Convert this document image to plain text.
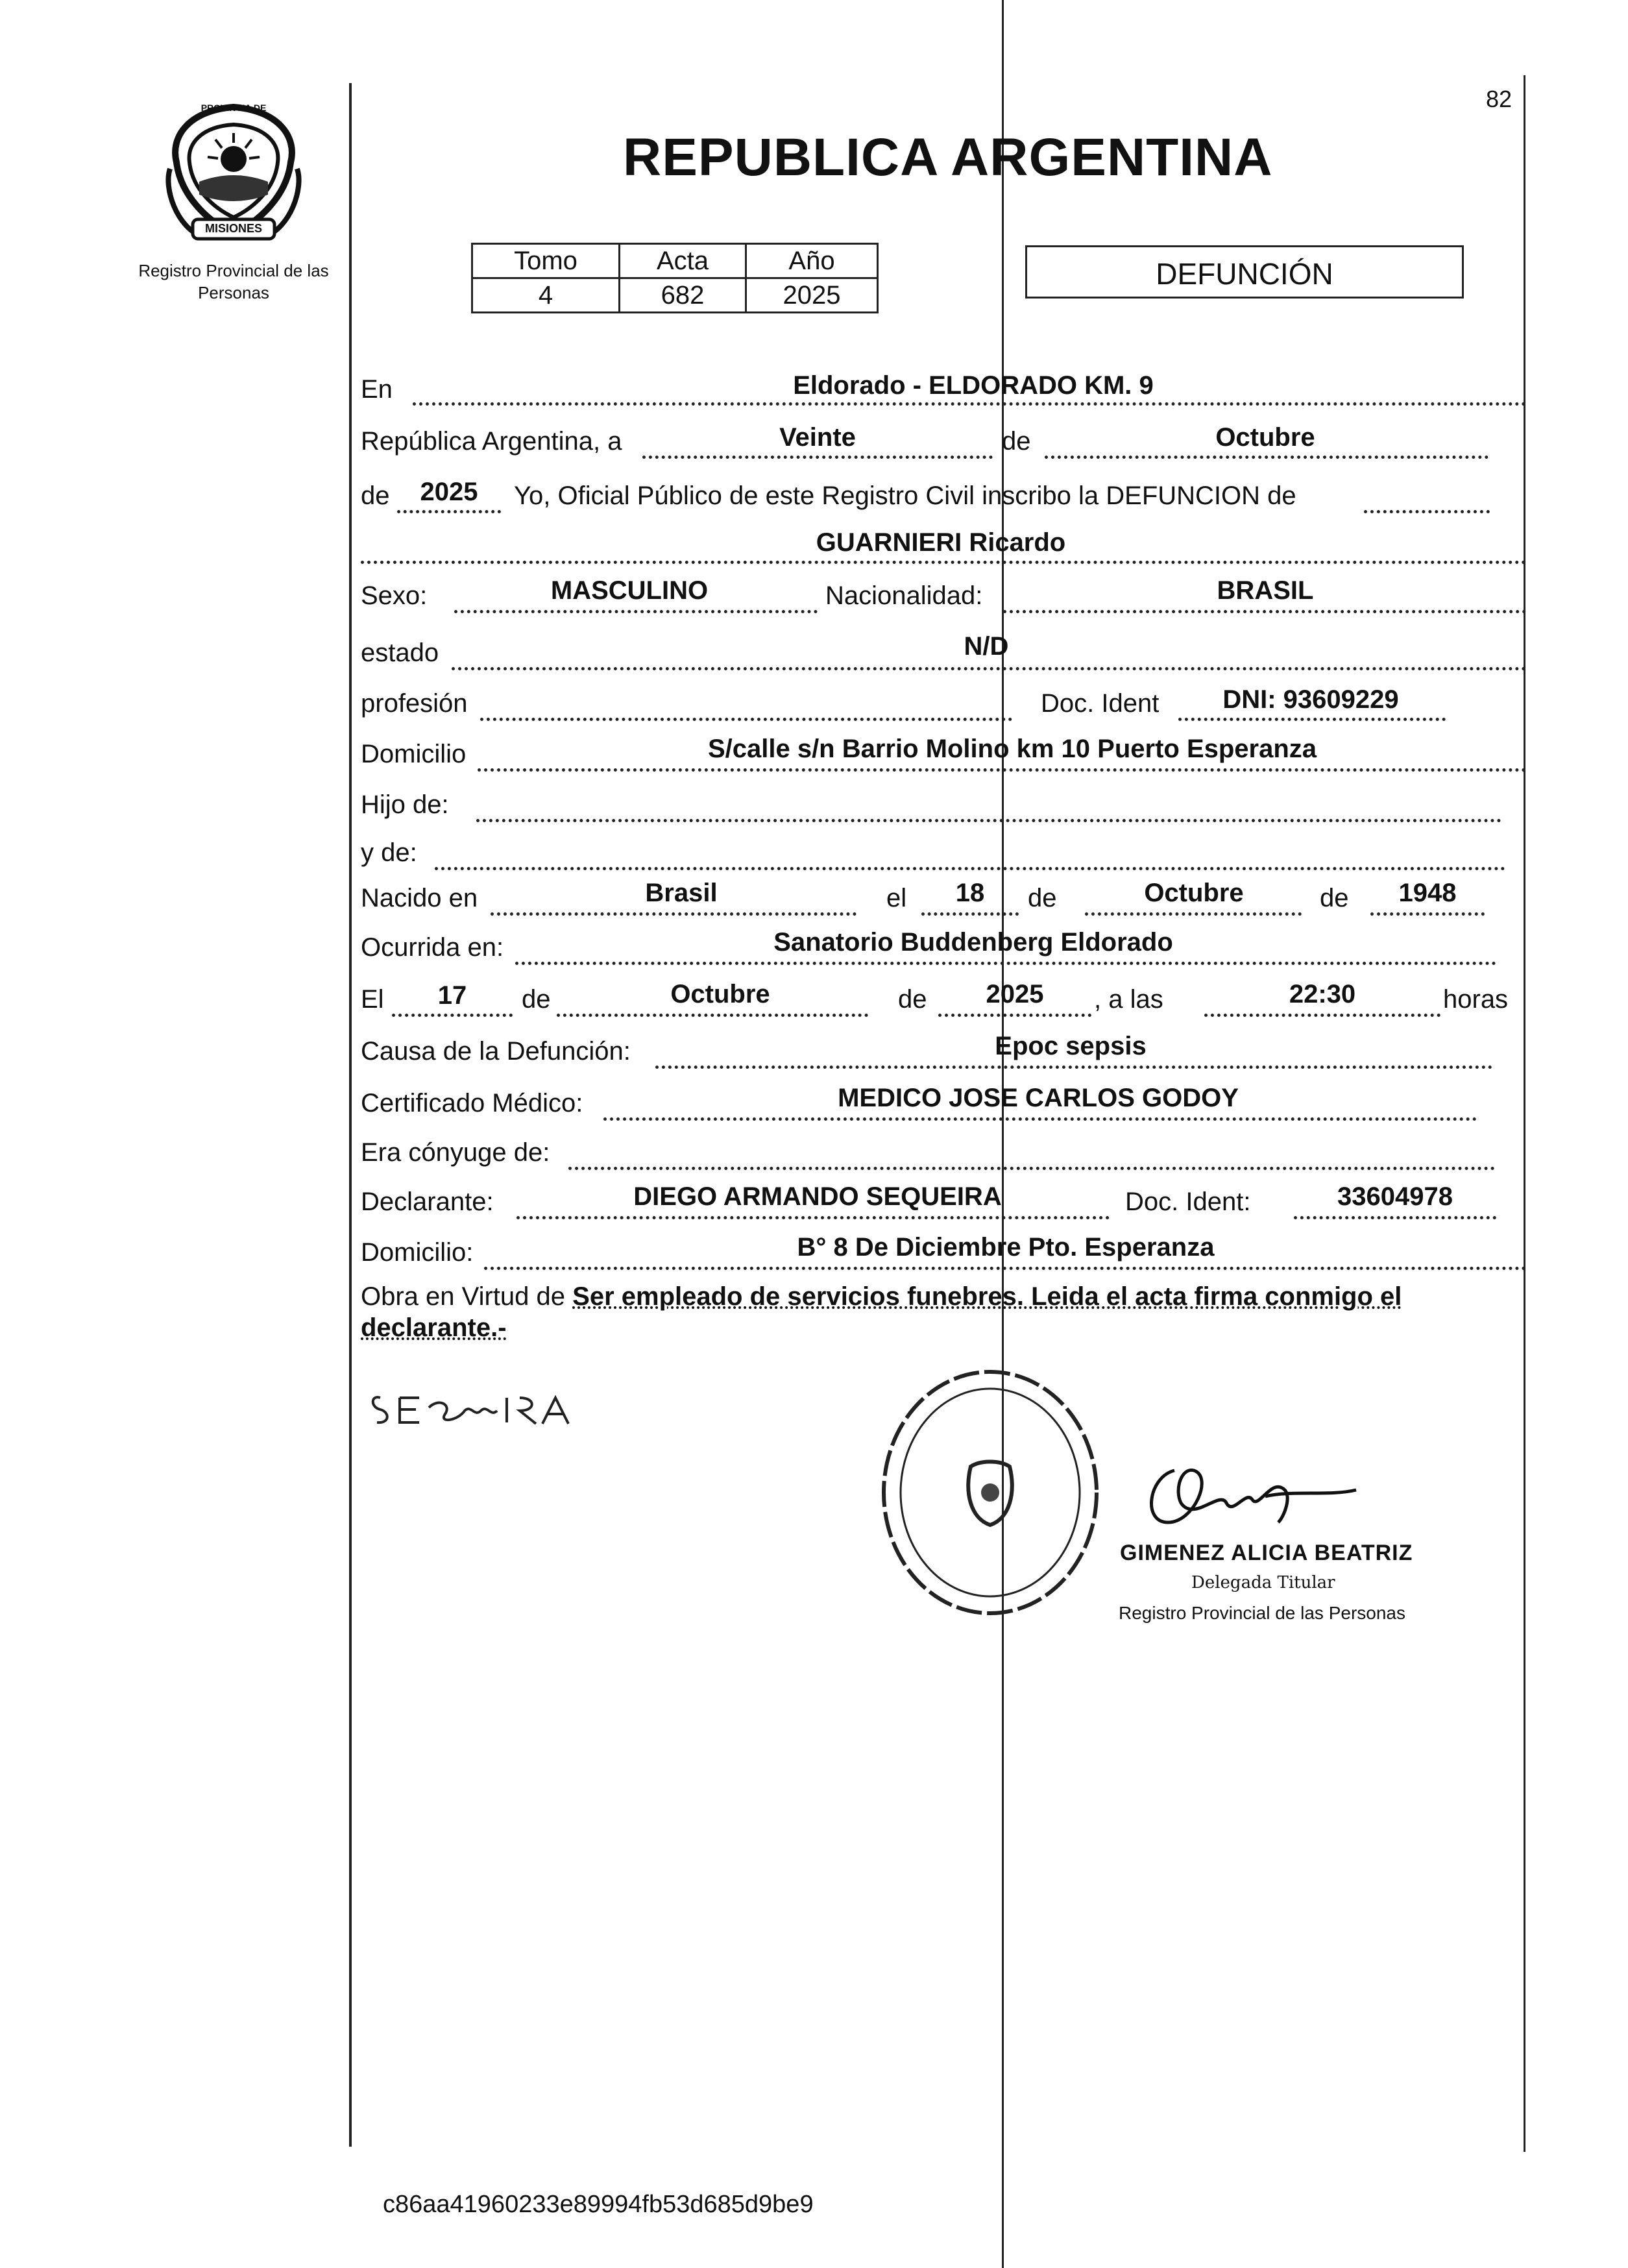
PROVINCIA DE
MISIONES
Registro Provincial de las Personas
82
REPUBLICA ARGENTINA
Tomo	Acta	Año
4	682	2025
DEFUNCIÓN
En	Eldorado - ELDORADO KM. 9
República Argentina, a	Veinte	de	Octubre
de	2025	Yo, Oficial Público de este Registro Civil inscribo la DEFUNCION de
GUARNIERI Ricardo
Sexo:	MASCULINO	Nacionalidad:	BRASIL
estado	N/D
profesión	Doc. Ident	DNI: 93609229
Domicilio	S/calle s/n Barrio Molino km 10 Puerto Esperanza
Hijo de:
y de:
Nacido en	Brasil	el	18	de	Octubre	de	1948
Ocurrida en:	Sanatorio Buddenberg Eldorado
El	17	de	Octubre	de	2025	, a las	22:30	horas
Causa de la Defunción:	Epoc sepsis
Certificado Médico:	MEDICO JOSE CARLOS GODOY
Era cónyuge de:
Declarante:	DIEGO ARMANDO SEQUEIRA	Doc. Ident:	33604978
Domicilio:	B° 8 De Diciembre Pto. Esperanza
Obra en Virtud de Ser empleado de servicios funebres. Leida el acta firma conmigo el declarante.-
GIMENEZ ALICIA BEATRIZ
Delegada Titular
Registro Provincial de las Personas
c86aa41960233e89994fb53d685d9be9
